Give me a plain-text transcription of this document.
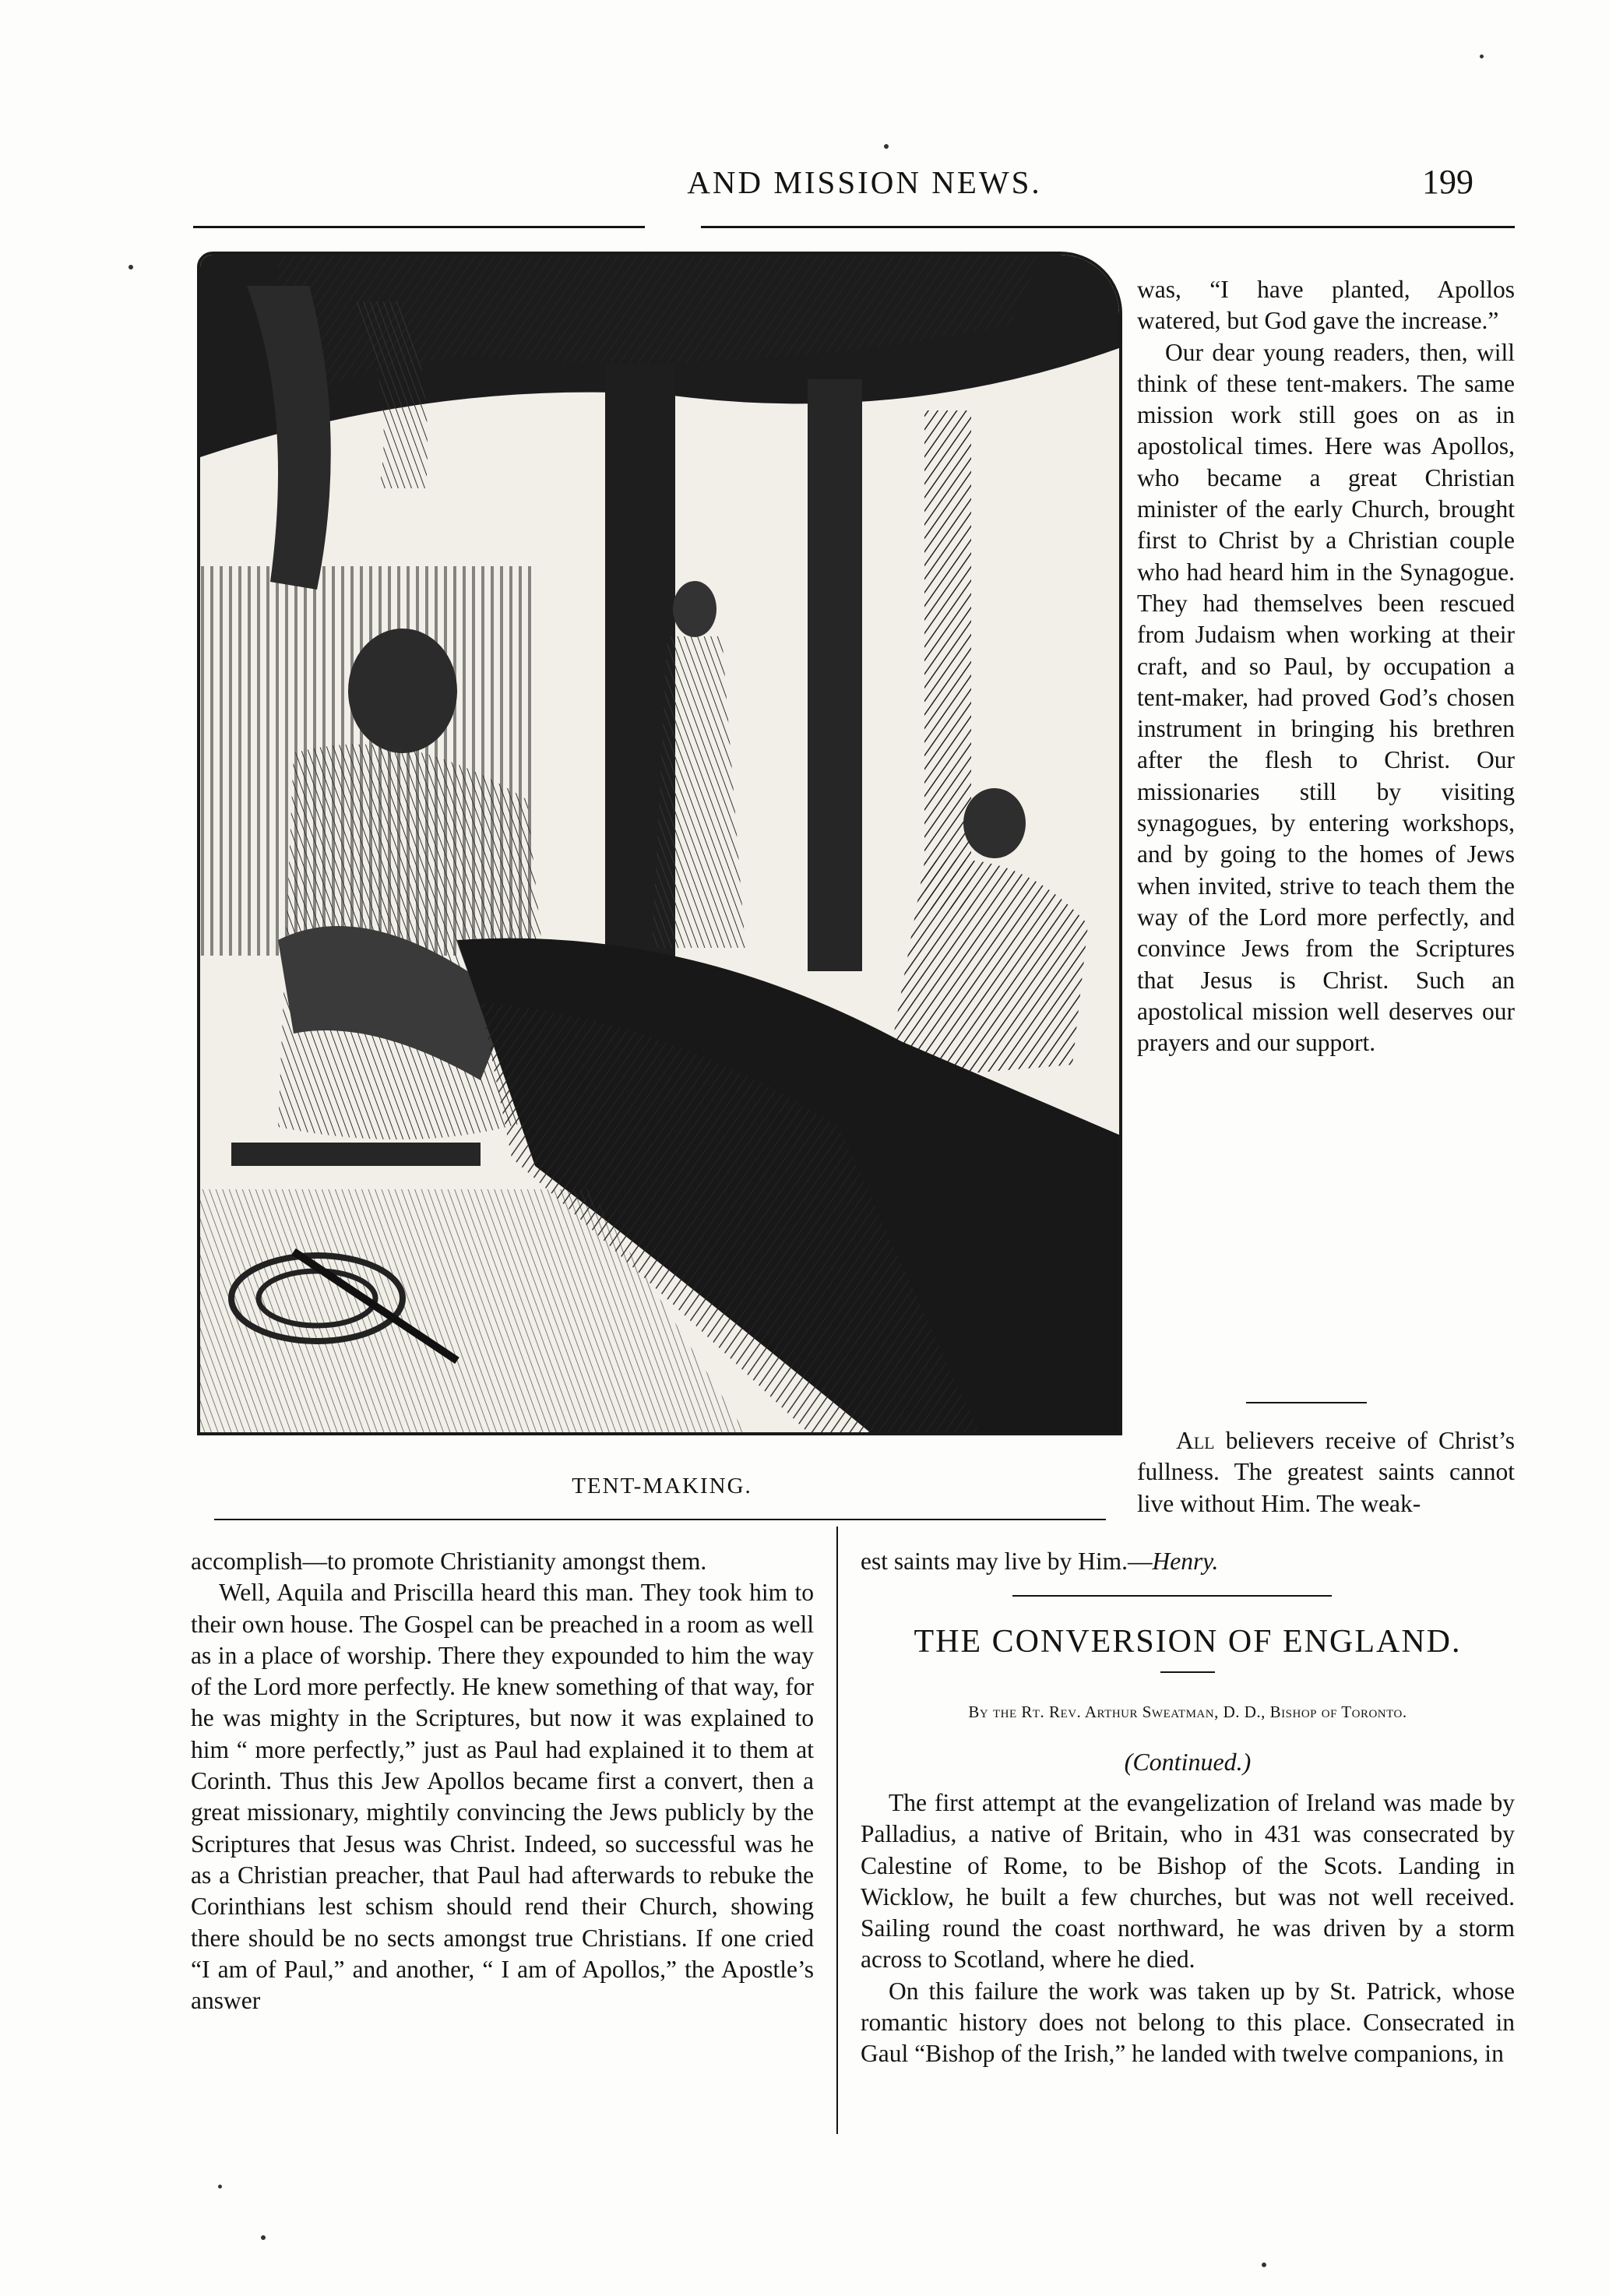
AND MISSION NEWS.	199
TENT-MAKING.

was, “I have planted, Apollos watered, but God gave the increase.”

Our dear young readers, then, will think of these tent-makers. The same mission work still goes on as in apostolical times. Here was Apollos, who became a great Christian minister of the early Church, brought first to Christ by a Christian couple who had heard him in the Synagogue. They had themselves been rescued from Judaism when working at their craft, and so Paul, by occupation a tent-maker, had proved God’s chosen instrument in bringing his brethren after the flesh to Christ. Our missionaries still by visiting synagogues, by entering workshops, and by going to the homes of Jews when invited, strive to teach them the way of the Lord more perfectly, and convince Jews from the Scriptures that Jesus is Christ. Such an apostolical mission well deserves our prayers and our support.

All believers receive of Christ’s fullness. The greatest saints cannot live without Him. The weak-

accomplish—to promote Christianity amongst them.

Well, Aquila and Priscilla heard this man. They took him to their own house. The Gospel can be preached in a room as well as in a place of worship. There they expounded to him the way of the Lord more perfectly. He knew something of that way, for he was mighty in the Scriptures, but now it was explained to him “ more perfectly,” just as Paul had explained it to them at Corinth. Thus this Jew Apollos became first a convert, then a great missionary, mightily convincing the Jews publicly by the Scriptures that Jesus was Christ. Indeed, so successful was he as a Christian preacher, that Paul had afterwards to rebuke the Corinthians lest schism should rend their Church, showing there should be no sects amongst true Christians. If one cried “I am of Paul,” and another, “ I am of Apollos,” the Apostle’s answer

est saints may live by Him.—Henry.

THE CONVERSION OF ENGLAND.
By the Rt. Rev. Arthur Sweatman, D. D., Bishop of Toronto.
(Continued.)

The first attempt at the evangelization of Ireland was made by Palladius, a native of Britain, who in 431 was consecrated by Calestine of Rome, to be Bishop of the Scots. Landing in Wicklow, he built a few churches, but was not well received. Sailing round the coast northward, he was driven by a storm across to Scotland, where he died.

On this failure the work was taken up by St. Patrick, whose romantic history does not belong to this place. Consecrated in Gaul “Bishop of the Irish,” he landed with twelve companions, in
